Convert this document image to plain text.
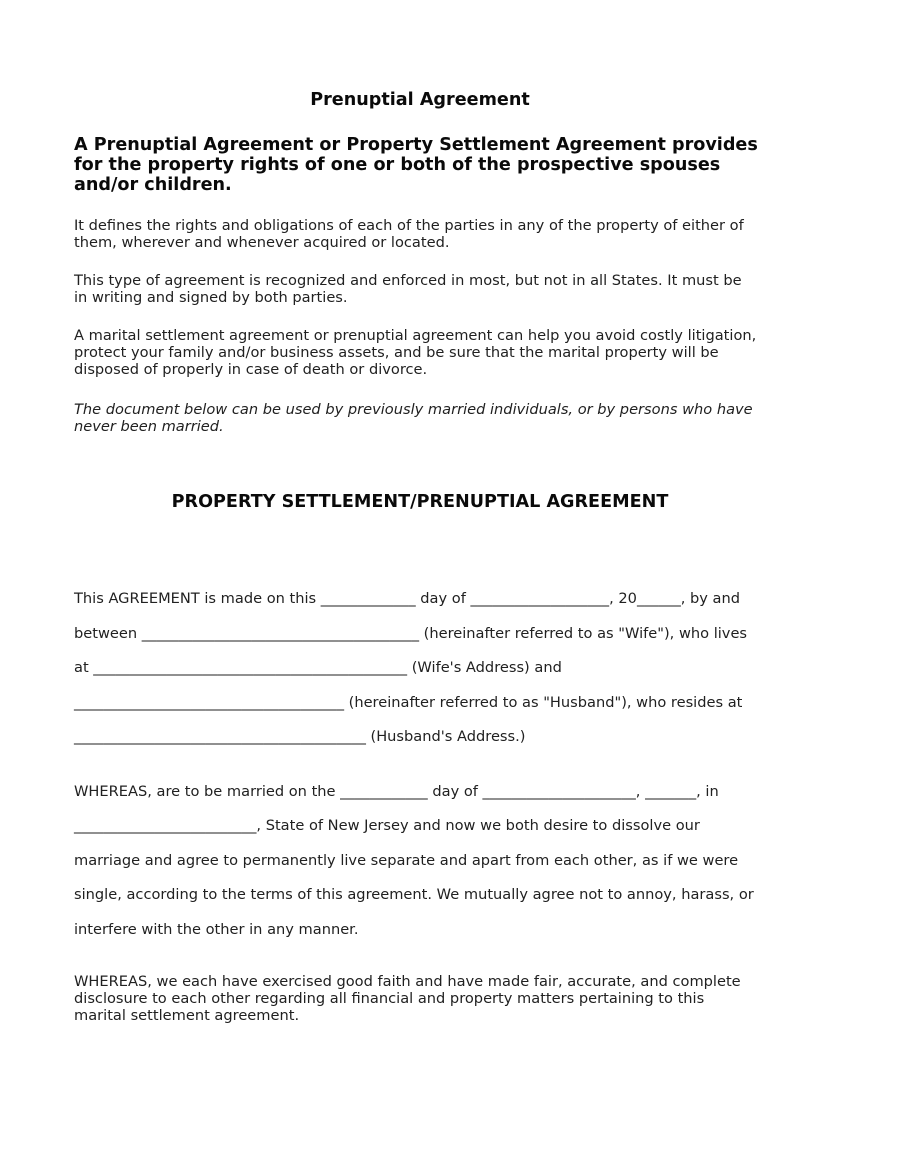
Prenuptial Agreement
A Prenuptial Agreement or Property Settlement Agreement provides
for the property rights of one or both of the prospective spouses
and/or children.
It defines the rights and obligations of each of the parties in any of the property of either of
them, wherever and whenever acquired or located.
This type of agreement is recognized and enforced in most, but not in all States. It must be
in writing and signed by both parties.
A marital settlement agreement or prenuptial agreement can help you avoid costly litigation,
protect your family and/or business assets, and be sure that the marital property will be
disposed of properly in case of death or divorce.
The document below can be used by previously married individuals, or by persons who have
never been married.
PROPERTY SETTLEMENT/PRENUPTIAL AGREEMENT
This AGREEMENT is made on this _____________ day of ___________________, 20______, by and
between ______________________________________ (hereinafter referred to as "Wife"), who lives
at ___________________________________________ (Wife's Address) and
_____________________________________ (hereinafter referred to as "Husband"), who resides at
________________________________________ (Husband's Address.)
WHEREAS, are to be married on the ____________ day of _____________________, _______, in
_________________________, State of New Jersey and now we both desire to dissolve our
marriage and agree to permanently live separate and apart from each other, as if we were
single, according to the terms of this agreement. We mutually agree not to annoy, harass, or
interfere with the other in any manner.
WHEREAS, we each have exercised good faith and have made fair, accurate, and complete
disclosure to each other regarding all financial and property matters pertaining to this
marital settlement agreement.
